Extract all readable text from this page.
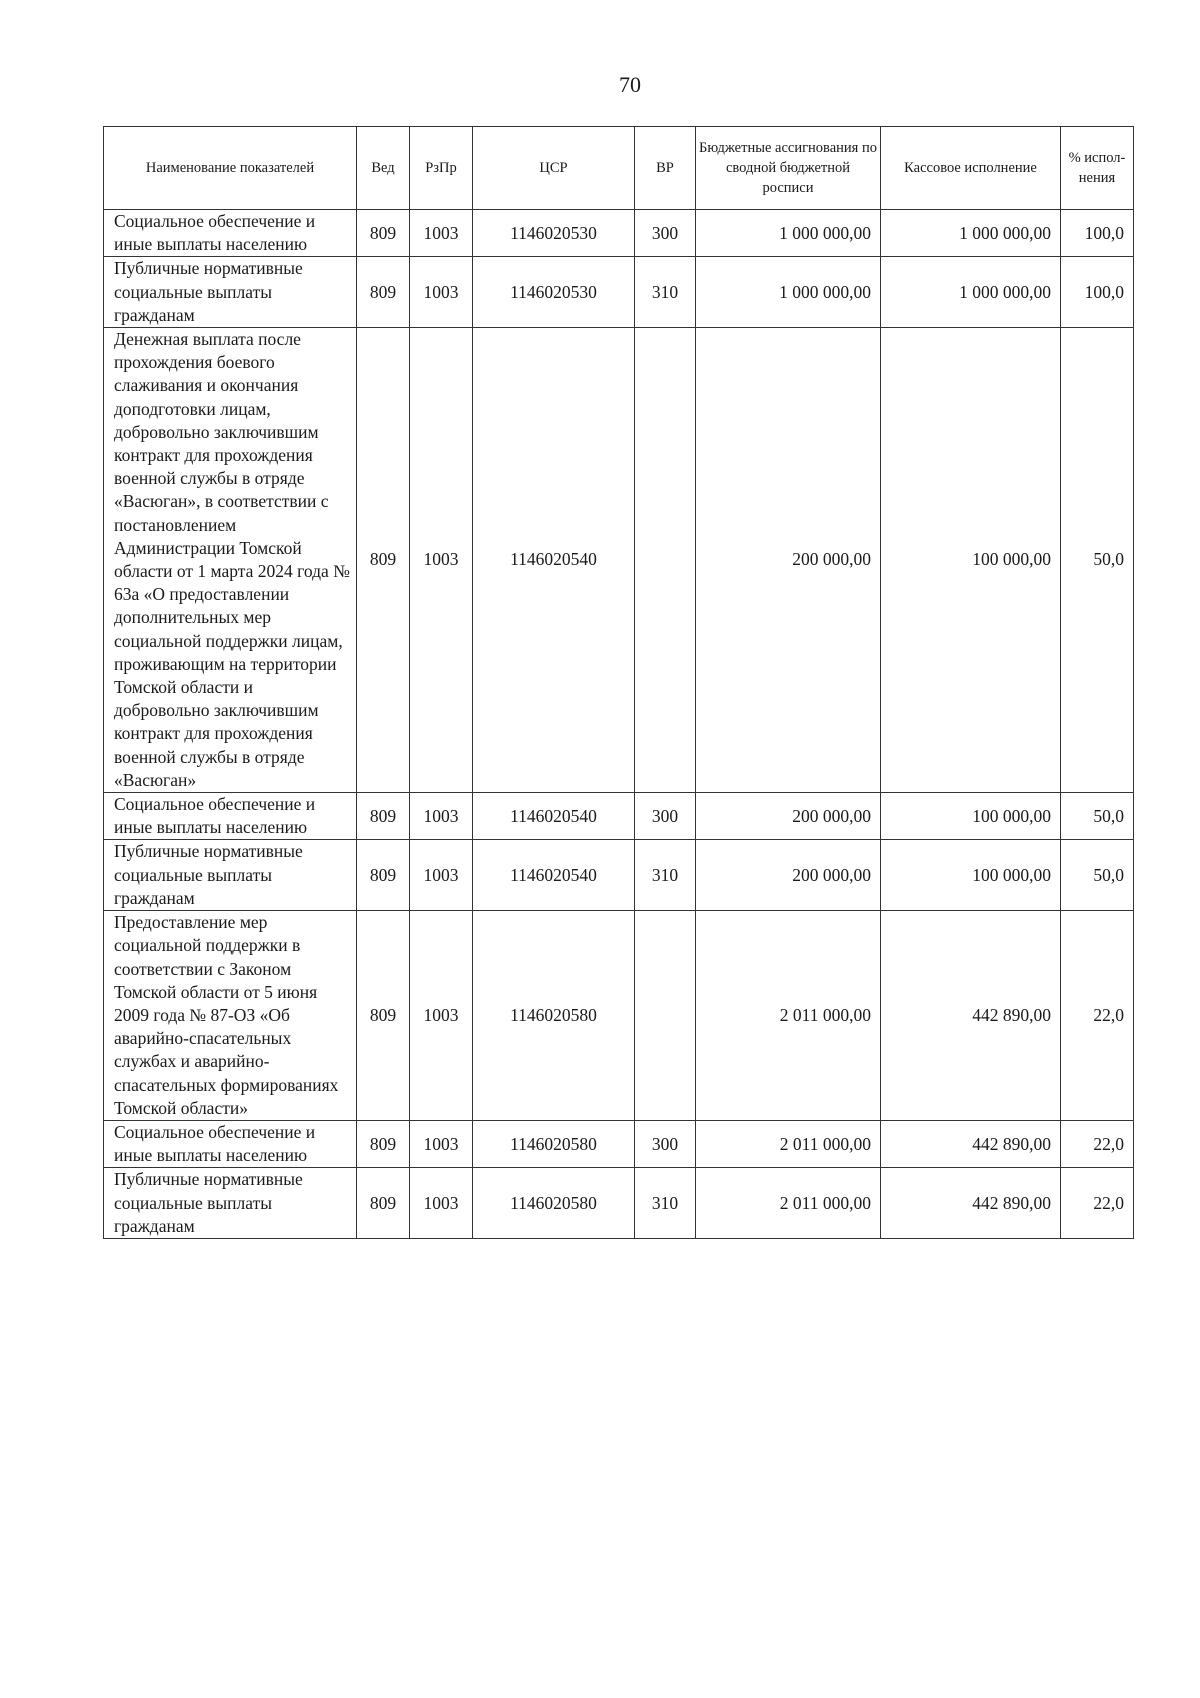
70
Наименование показателей	Вед	РзПр	ЦСР	ВР	Бюджетные ассигнования по сводной бюджетной росписи	Кассовое исполнение	% испол-нения
Социальное обеспечение и иные выплаты населению	809	1003	1146020530	300	1 000 000,00	1 000 000,00	100,0
Публичные нормативные социальные выплаты гражданам	809	1003	1146020530	310	1 000 000,00	1 000 000,00	100,0
Денежная выплата после прохождения боевого слаживания и окончания доподготовки лицам, добровольно заключившим контракт для прохождения военной службы в отряде «Васюган», в соответствии с постановлением Администрации Томской области от 1 марта 2024 года № 63а «О предоставлении дополнительных мер социальной поддержки лицам, проживающим на территории Томской области и добровольно заключившим контракт для прохождения военной службы в отряде «Васюган»	809	1003	1146020540		200 000,00	100 000,00	50,0
Социальное обеспечение и иные выплаты населению	809	1003	1146020540	300	200 000,00	100 000,00	50,0
Публичные нормативные социальные выплаты гражданам	809	1003	1146020540	310	200 000,00	100 000,00	50,0
Предоставление мер социальной поддержки в соответствии с Законом Томской области от 5 июня 2009 года № 87-ОЗ «Об аварийно-спасательных службах и аварийно-спасательных формированиях Томской области»	809	1003	1146020580		2 011 000,00	442 890,00	22,0
Социальное обеспечение и иные выплаты населению	809	1003	1146020580	300	2 011 000,00	442 890,00	22,0
Публичные нормативные социальные выплаты гражданам	809	1003	1146020580	310	2 011 000,00	442 890,00	22,0
